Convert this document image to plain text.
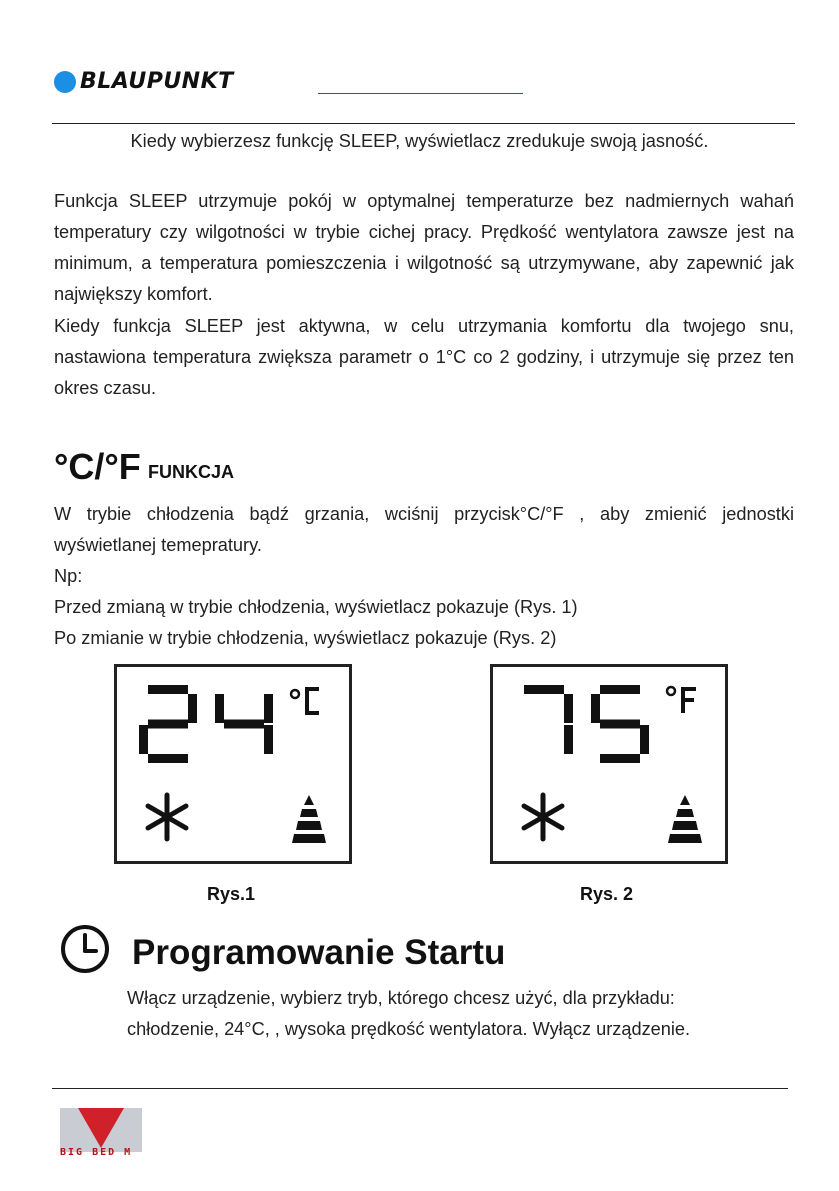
BLAUPUNKT
Kiedy wybierzesz funkcję SLEEP, wyświetlacz zredukuje swoją jasność.
Funkcja SLEEP utrzymuje pokój w optymalnej temperaturze bez nadmiernych wahań temperatury czy wilgotności w trybie cichej pracy. Prędkość wentylatora zawsze jest na minimum, a temperatura pomieszczenia i wilgotność są utrzymywane, aby zapewnić jak największy komfort.
Kiedy funkcja SLEEP jest aktywna, w celu utrzymania komfortu dla twojego snu, nastawiona temperatura zwiększa parametr o 1°C co 2 godziny, i utrzymuje się przez ten okres czasu.
°C/°F FUNKCJA
W trybie chłodzenia bądź grzania, wciśnij przycisk°C/°F , aby zmienić jednostki wyświetlanej temepratury.
Np:
Przed zmianą w trybie chłodzenia, wyświetlacz pokazuje (Rys. 1)
Po zmianie w trybie chłodzenia, wyświetlacz pokazuje (Rys. 2)
Rys.1	Rys. 2
Programowanie Startu
Włącz urządzenie, wybierz tryb, którego chcesz użyć, dla przykładu:
chłodzenie, 24°C, , wysoka prędkość wentylatora. Wyłącz urządzenie.
BIG BED M
